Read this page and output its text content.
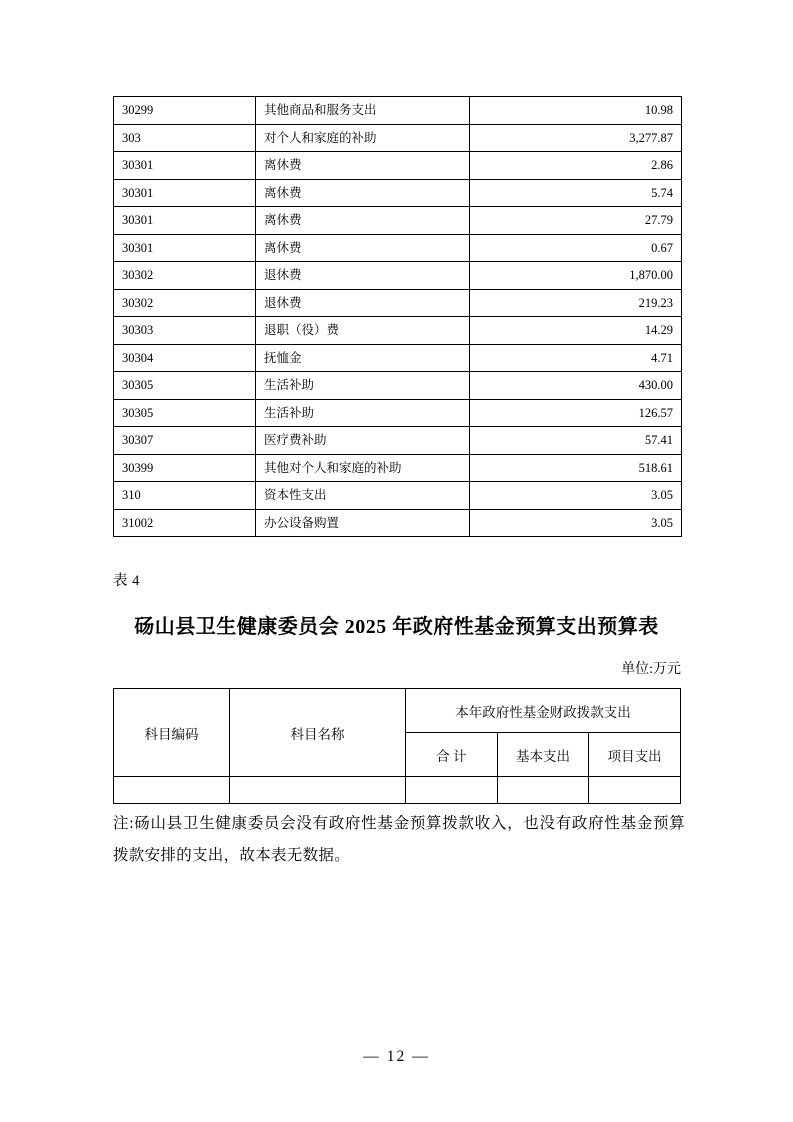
30299	其他商品和服务支出	10.98
303	对个人和家庭的补助	3,277.87
30301	离休费	2.86
30301	离休费	5.74
30301	离休费	27.79
30301	离休费	0.67
30302	退休费	1,870.00
30302	退休费	219.23
30303	退职（役）费	14.29
30304	抚恤金	4.71
30305	生活补助	430.00
30305	生活补助	126.57
30307	医疗费补助	57.41
30399	其他对个人和家庭的补助	518.61
310	资本性支出	3.05
31002	办公设备购置	3.05
表 4
砀山县卫生健康委员会 2025 年政府性基金预算支出预算表
单位:万元
科目编码	科目名称	本年政府性基金财政拨款支出		
		合 计	基本支出	项目支出

注:砀山县卫生健康委员会没有政府性基金预算拨款收入，也没有政府性基金预算拨款安排的支出，故本表无数据。
— 12 —
